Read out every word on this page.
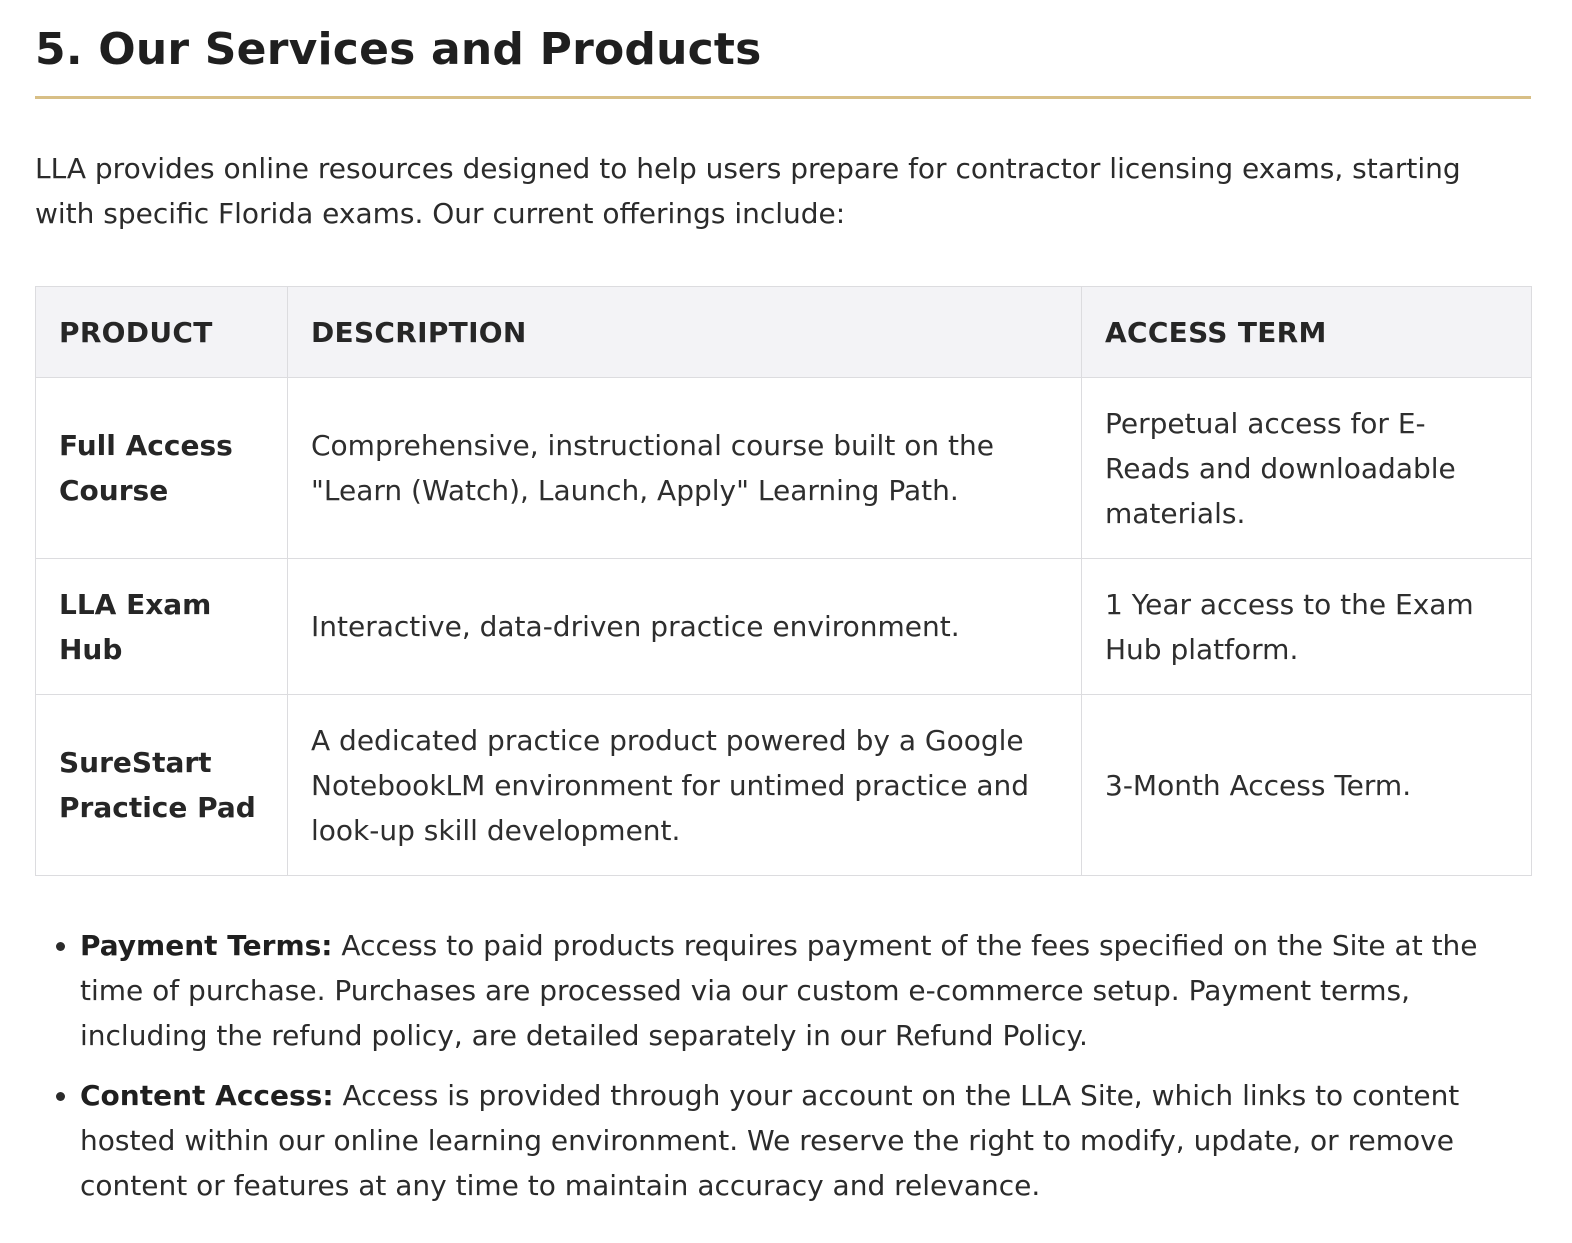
5. Our Services and Products

LLA provides online resources designed to help users prepare for contractor licensing exams, starting with specific Florida exams. Our current offerings include:

PRODUCT	DESCRIPTION	ACCESS TERM
Full Access Course	Comprehensive, instructional course built on the "Learn (Watch), Launch, Apply" Learning Path.	Perpetual access for E-Reads and downloadable materials.
LLA Exam Hub	Interactive, data-driven practice environment.	1 Year access to the Exam Hub platform.
SureStart Practice Pad	A dedicated practice product powered by a Google NotebookLM environment for untimed practice and look-up skill development.	3-Month Access Term.
• Payment Terms: Access to paid products requires payment of the fees specified on the Site at the time of purchase. Purchases are processed via our custom e-commerce setup. Payment terms, including the refund policy, are detailed separately in our Refund Policy.
• Content Access: Access is provided through your account on the LLA Site, which links to content hosted within our online learning environment. We reserve the right to modify, update, or remove content or features at any time to maintain accuracy and relevance.
